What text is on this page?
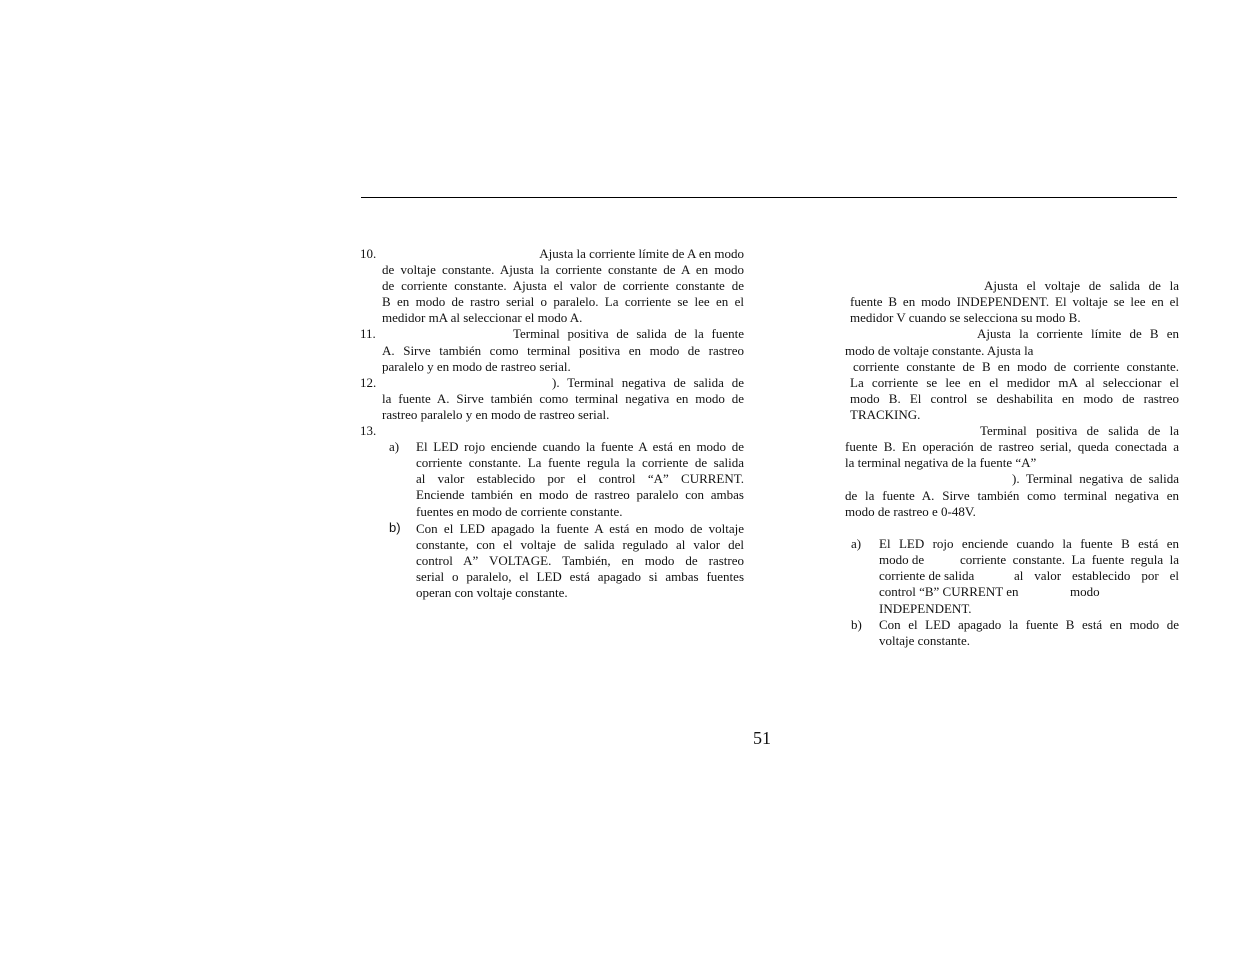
10.	Ajusta la corriente límite de A en modo
de voltaje constante. Ajusta la corriente constante de A en modo
de corriente constante. Ajusta el valor de corriente constante de
B en modo de rastro serial o paralelo. La corriente se lee en el
medidor mA al seleccionar el modo A.
11.	Terminal positiva de salida de la fuente
A. Sirve también como terminal positiva en modo de rastreo
paralelo y en modo de rastreo serial.
12.	). Terminal negativa de salida de
la fuente A. Sirve también como terminal negativa en modo de
rastreo paralelo y en modo de rastreo serial.
13.
a) El LED rojo enciende cuando la fuente A está en modo de
corriente constante. La fuente regula la corriente de salida
al valor establecido por el control “A” CURRENT.
Enciende también en modo de rastreo paralelo con ambas
fuentes en modo de corriente constante.
b) Con el LED apagado la fuente A está en modo de voltaje
constante, con el voltaje de salida regulado al valor del
control A” VOLTAGE. También, en modo de rastreo
serial o paralelo, el LED está apagado si ambas fuentes
operan con voltaje constante.
Ajusta el voltaje de salida de la
fuente B en modo INDEPENDENT. El voltaje se lee en el
medidor V cuando se selecciona su modo B.
Ajusta la corriente límite de B en
modo de voltaje constante. Ajusta la
corriente constante de B en modo de corriente constante.
La corriente se lee en el medidor mA al seleccionar el
modo B. El control se deshabilita en modo de rastreo
TRACKING.
Terminal positiva de salida de la
fuente B. En operación de rastreo serial, queda conectada a
la terminal negativa de la fuente “A”
). Terminal negativa de salida
de la fuente A. Sirve también como terminal negativa en
modo de rastreo e 0-48V.
a) El LED rojo enciende cuando la fuente B está en
modo de	corriente constante. La fuente regula la
corriente de salida	al valor establecido por el
control “B” CURRENT en	modo
INDEPENDENT.
b) Con el LED apagado la fuente B está en modo de
voltaje constante.
51
